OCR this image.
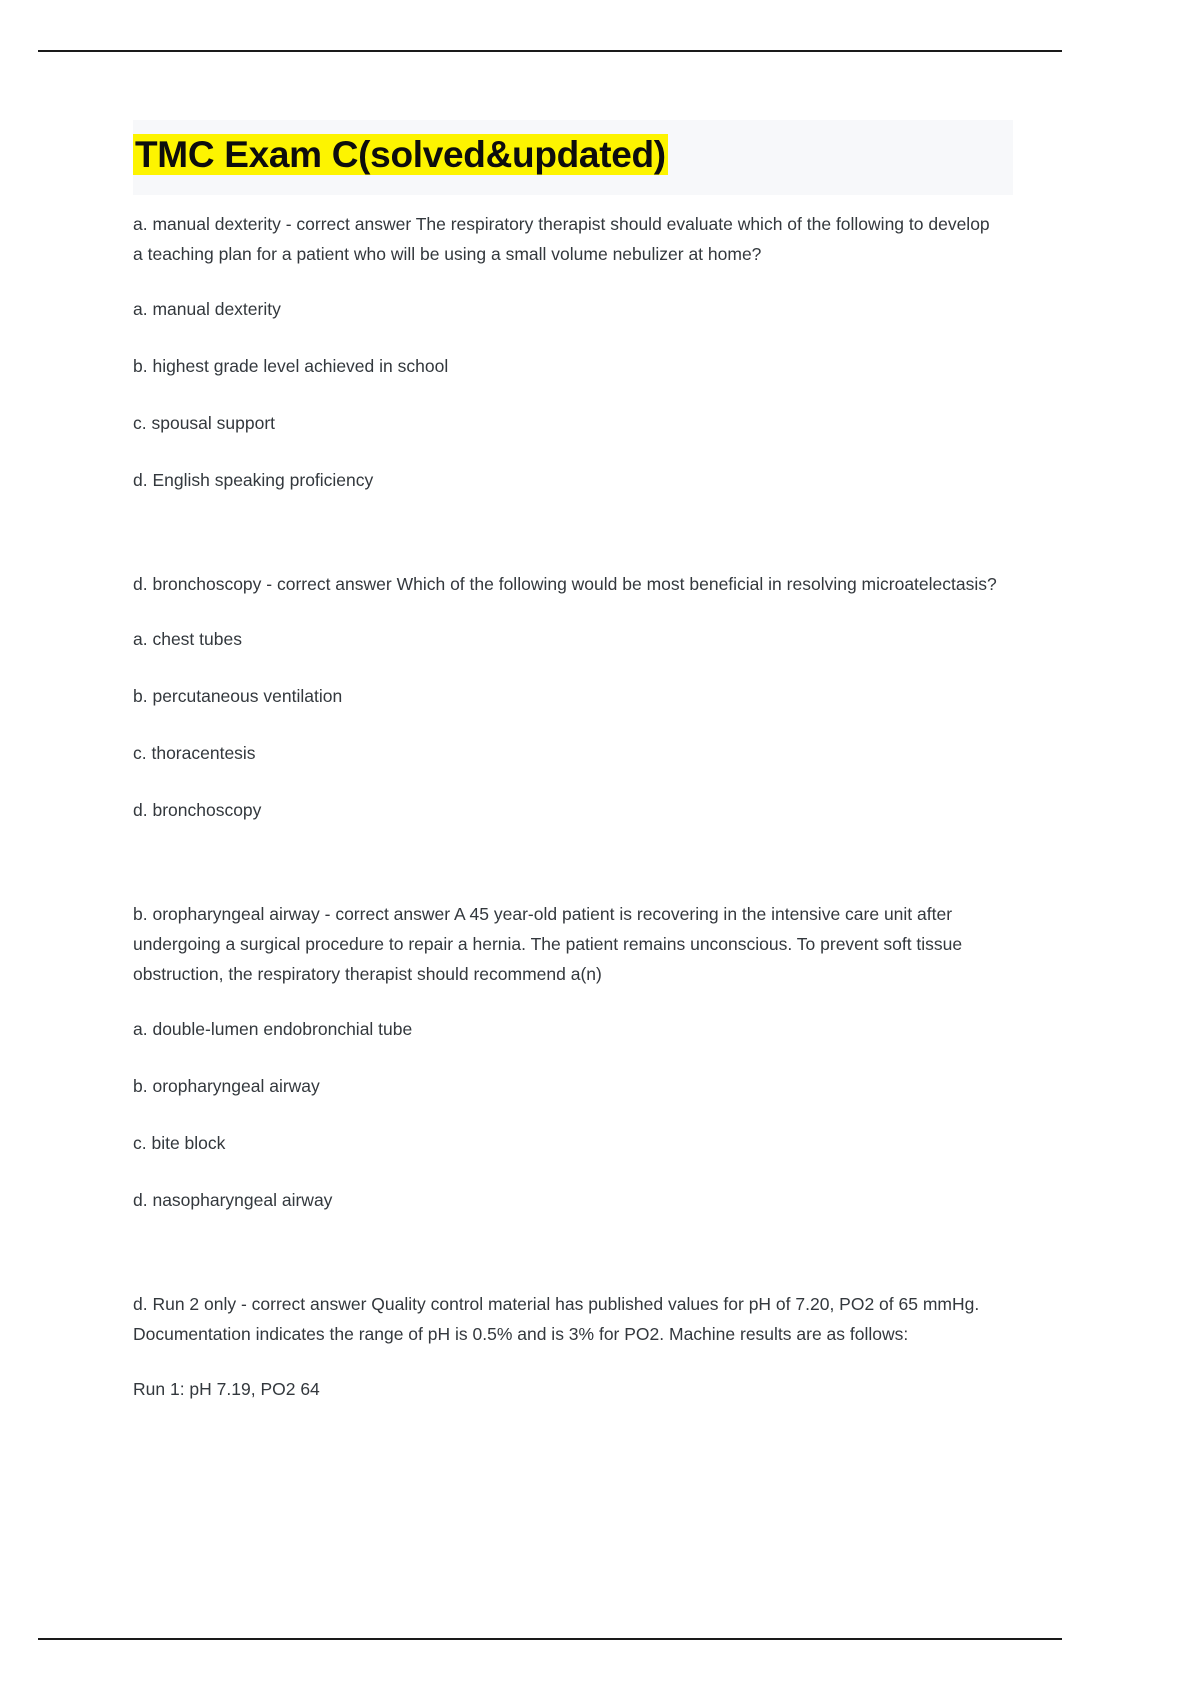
TMC Exam C(solved&updated)

a. manual dexterity - correct answer The respiratory therapist should evaluate which of the following to develop a teaching plan for a patient who will be using a small volume nebulizer at home?

a. manual dexterity

b. highest grade level achieved in school

c. spousal support

d. English speaking proficiency

d. bronchoscopy - correct answer Which of the following would be most beneficial in resolving microatelectasis?

a. chest tubes

b. percutaneous ventilation

c. thoracentesis

d. bronchoscopy

b. oropharyngeal airway - correct answer A 45 year-old patient is recovering in the intensive care unit after undergoing a surgical procedure to repair a hernia. The patient remains unconscious. To prevent soft tissue obstruction, the respiratory therapist should recommend a(n)

a. double-lumen endobronchial tube

b. oropharyngeal airway

c. bite block

d. nasopharyngeal airway

d. Run 2 only - correct answer Quality control material has published values for pH of 7.20, PO2 of 65 mmHg. Documentation indicates the range of pH is 0.5% and is 3% for PO2. Machine results are as follows:

Run 1: pH 7.19, PO2 64
